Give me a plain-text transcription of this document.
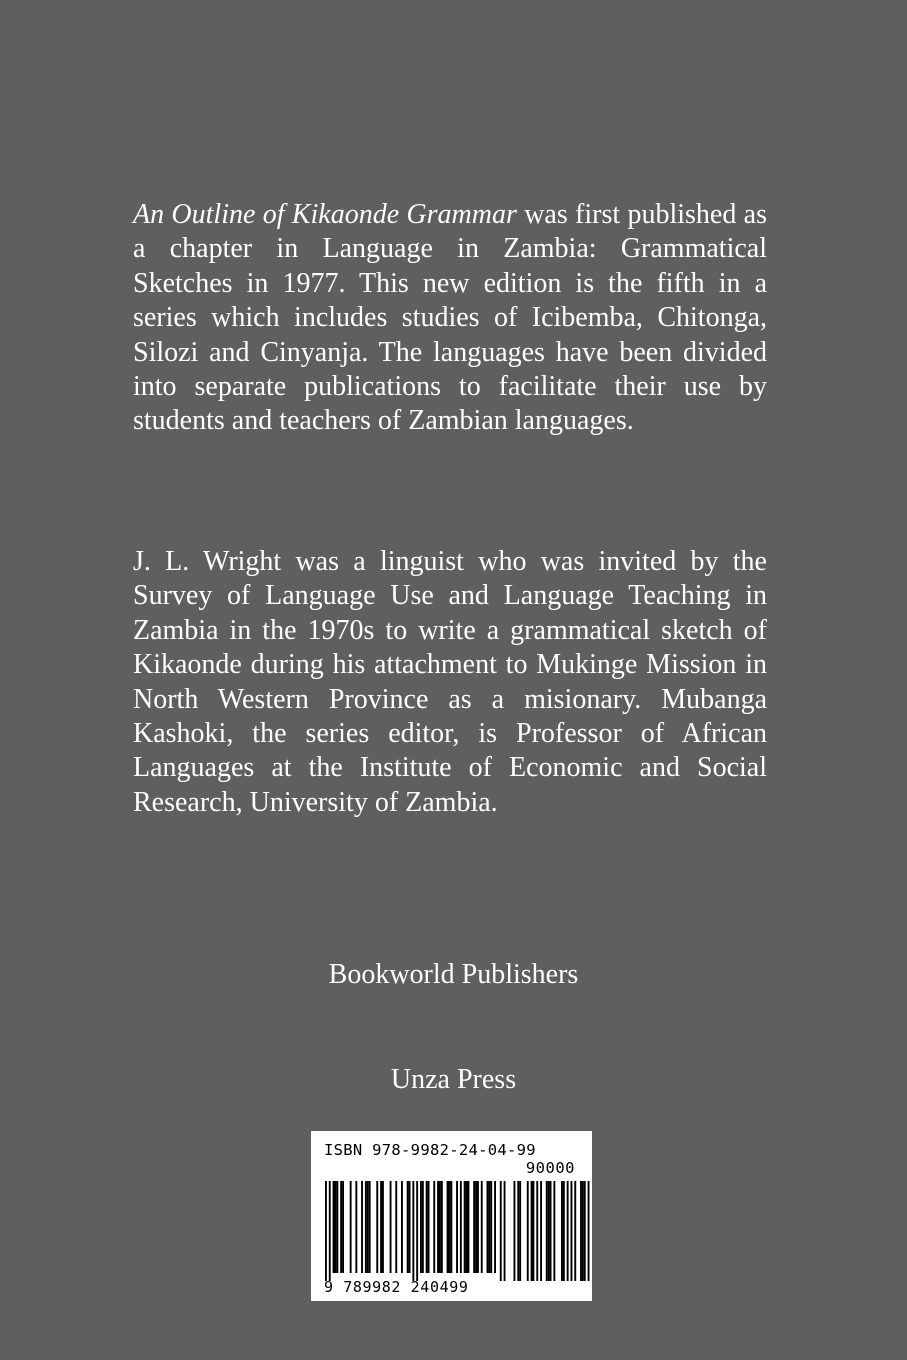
An Outline of Kikaonde Grammar was first published as a chapter in Language in Zambia: Grammatical Sketches in 1977. This new edition is the fifth in a series which includes studies of Icibemba, Chitonga, Silozi and Cinyanja. The languages have been divided into separate publications to facilitate their use by students and teachers of Zambian languages.

J. L. Wright was a linguist who was invited by the Survey of Language Use and Language Teaching in Zambia in the 1970s to write a grammatical sketch of Kikaonde during his attachment to Mukinge Mission in North Western Province as a misionary. Mubanga Kashoki, the series editor, is Professor of African Languages at the Institute of Economic and Social Research, University of Zambia.

Bookworld Publishers
Unza Press
ISBN 978-9982-24-04-99
90000
9 789982 240499
